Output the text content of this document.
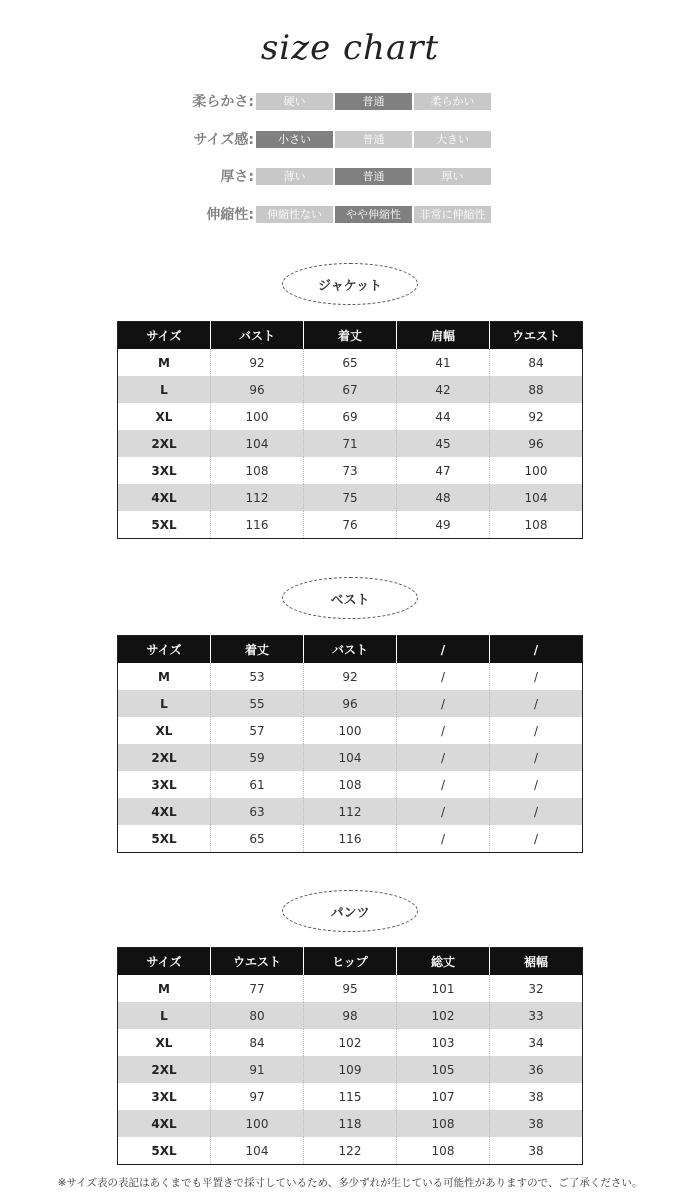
size chart
柔らかさ:	硬い	普通	柔らかい
サイズ感:	小さい	普通	大きい
厚さ:	薄い	普通	厚い
伸縮性:	伸縮性ない	やや伸縮性	非常に伸縮性
ジャケット
サイズ	バスト	着丈	肩幅	ウエスト
M	92	65	41	84
L	96	67	42	88
XL	100	69	44	92
2XL	104	71	45	96
3XL	108	73	47	100
4XL	112	75	48	104
5XL	116	76	49	108
ベスト
サイズ	着丈	バスト	/	/
M	53	92	/	/
L	55	96	/	/
XL	57	100	/	/
2XL	59	104	/	/
3XL	61	108	/	/
4XL	63	112	/	/
5XL	65	116	/	/
パンツ
サイズ	ウエスト	ヒップ	総丈	裾幅
M	77	95	101	32
L	80	98	102	33
XL	84	102	103	34
2XL	91	109	105	36
3XL	97	115	107	38
4XL	100	118	108	38
5XL	104	122	108	38
※サイズ表の表記はあくまでも平置きで採寸しているため、多少ずれが生じている可能性がありますので、ご了承ください。
